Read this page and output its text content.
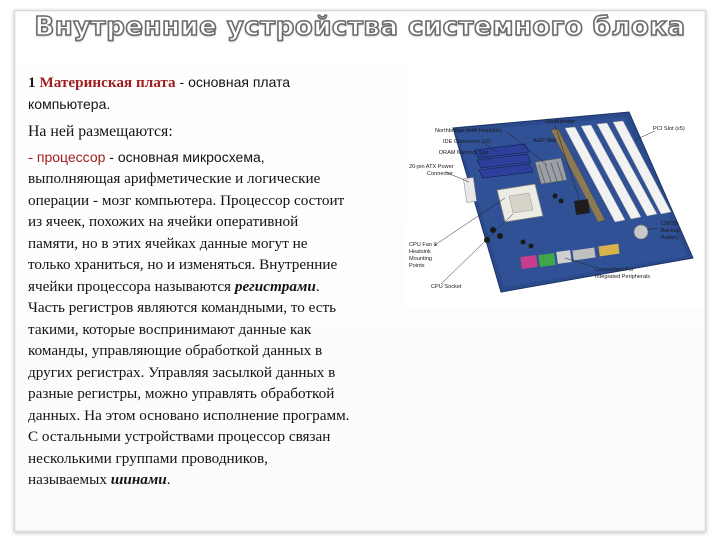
Внутренние устройства системного блока

1 Материнская плата - основная плата
компьютера.

На ней размещаются:

- процессор - основная микросхема,
выполняющая арифметические и логические
операции - мозг компьютера. Процессор состоит
из ячеек, похожих на ячейки оперативной
памяти, но в этих ячейках данные могут не
только храниться, но и изменяться. Внутренние
ячейки процессора называются регистрами.
Часть регистров являются командными, то есть
такими, которые воспринимают данные как
команды, управляющие обработкой данных в
других регистрах. Управляя засылкой данных в
разные регистры, можно управлять обработкой
данных. На этом основано исполнение программ.
С остальными устройствами процессор связан
несколькими группами проводников,
называемых шинами.

Northbridge (with heatsink)
Southbridge
IDE Connector (x2)	AGP Slot
PCI Slot (x5)
DRAM Memory Slot
20-pin ATX Power
Connector
CMOS
Backup
Battery
CPU Fan &
Heatsink
Mounting
Points
Connectors For
Integrated Peripherals
CPU Socket
